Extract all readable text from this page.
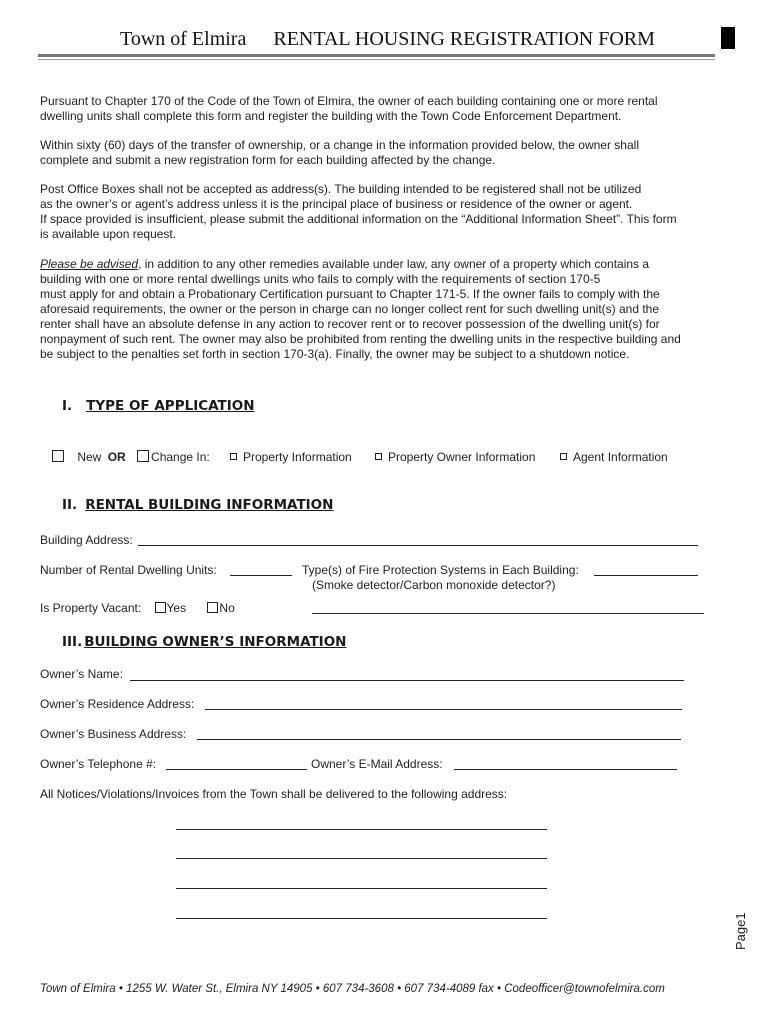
Town of Elmira RENTAL HOUSING REGISTRATION FORM
Pursuant to Chapter 170 of the Code of the Town of Elmira, the owner of each building containing one or more rental
dwelling units shall complete this form and register the building with the Town Code Enforcement Department.
Within sixty (60) days of the transfer of ownership, or a change in the information provided below, the owner shall
complete and submit a new registration form for each building affected by the change.
Post Office Boxes shall not be accepted as address(s). The building intended to be registered shall not be utilized
as the owner’s or agent’s address unless it is the principal place of business or residence of the owner or agent.
If space provided is insufficient, please submit the additional information on the “Additional Information Sheet”. This form
is available upon request.
Please be advised, in addition to any other remedies available under law, any owner of a property which contains a
building with one or more rental dwellings units who fails to comply with the requirements of section 170-5
must apply for and obtain a Probationary Certification pursuant to Chapter 171-5. If the owner fails to comply with the
aforesaid requirements, the owner or the person in charge can no longer collect rent for such dwelling unit(s) and the
renter shall have an absolute defense in any action to recover rent or to recover possession of the dwelling unit(s) for
nonpayment of such rent. The owner may also be prohibited from renting the dwelling units in the respective building and
be subject to the penalties set forth in section 170-3(a). Finally, the owner may be subject to a shutdown notice.
I. TYPE OF APPLICATION
New OR Change In:	Property Information	Property Owner Information	Agent Information
II. RENTAL BUILDING INFORMATION
Building Address:
Number of Rental Dwelling Units:	Type(s) of Fire Protection Systems in Each Building:
(Smoke detector/Carbon monoxide detector?)
Is Property Vacant: Yes	No
III. BUILDING OWNER’S INFORMATION
Owner’s Name:
Owner’s Residence Address:
Owner’s Business Address:
Owner’s Telephone #:	Owner’s E-Mail Address:
All Notices/Violations/Invoices from the Town shall be delivered to the following address:
Page1
Town of Elmira • 1255 W. Water St., Elmira NY 14905 • 607 734-3608 • 607 734-4089 fax • Codeofficer@townofelmira.com
